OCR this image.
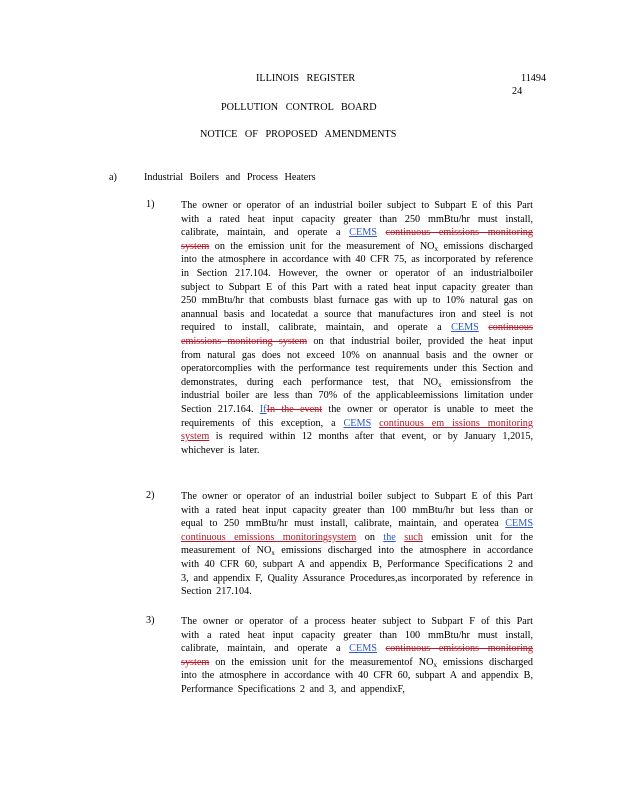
ILLINOIS REGISTER	11494
24
POLLUTION CONTROL BOARD
NOTICE OF PROPOSED AMENDMENTS
a)	Industrial Boilers and Process Heaters
1)	The owner or operator of an industrial boiler subject to Subpart E of this Part with a rated heat input capacity greater than 250 mmBtu/hr must install, calibrate, maintain, and operate a CEMS continuous emissions monitoring system on the emission unit for the measurement of $NO_x$ emissions discharged into the atmosphere in accordance with 40 CFR 75, as incorporated by reference in Section 217.104. However, the owner or operator of an industrialboiler subject to Subpart E of this Part with a rated heat input capacity greater than 250 mmBtu/hr that combusts blast furnace gas with up to 10% natural gas on anannual basis and locatedat a source that manufactures iron and steel is not required to install, calibrate, maintain, and operate a CEMS continuous emissions monitoring system on that industrial boiler, provided the heat input from natural gas does not exceed 10% on anannual basis and the owner or operatorcomplies with the performance test requirements under this Section and demonstrates, during each performance test, that $NO_x$ emissionsfrom the industrial boiler are less than 70% of the applicableemissions limitation under Section 217.164. IfIn the event the owner or operator is unable to meet the requirements of this exception, a CEMS continuous em issions monitoring system is required within 12 months after that event, or by January 1,2015, whichever is later.
2)	The owner or operator of an industrial boiler subject to Subpart E of this Part with a rated heat input capacity greater than 100 mmBtu/hr but less than or equal to 250 mmBtu/hr must install, calibrate, maintain, and operatea CEMS continuous emissions monitoringsystem on the such emission unit for the measurement of $NO_x$ emissions discharged into the atmosphere in accordance with 40 CFR 60, subpart A and appendix B, Performance Specifications 2 and 3, and appendix F, Quality Assurance Procedures,as incorporated by reference in Section 217.104.
3)	The owner or operator of a process heater subject to Subpart F of this Part with a rated heat input capacity greater than 100 mmBtu/hr must install, calibrate, maintain, and operate a CEMS continuous emissions monitoring system on the emission unit for the measurementof $NO_x$ emissions discharged into the atmosphere in accordance with 40 CFR 60, subpart A and appendix B, Performance Specifications 2 and 3, and appendixF,
